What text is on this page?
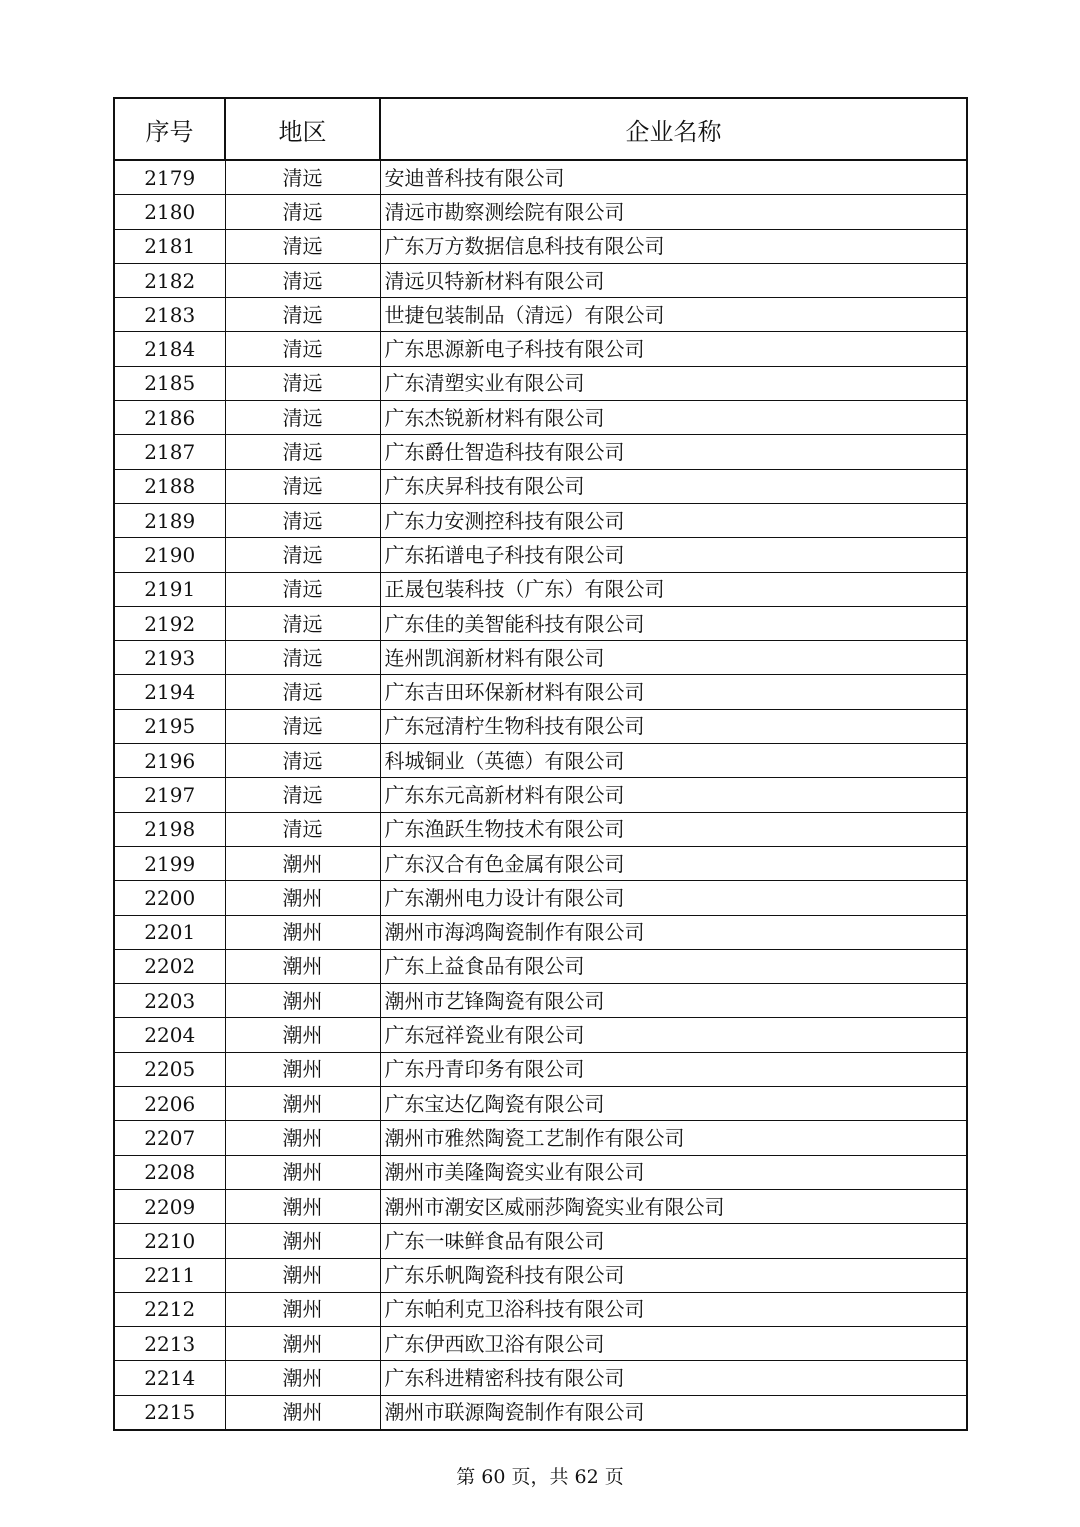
序号	地区	企业名称
2179	清远	安迪普科技有限公司
2180	清远	清远市勘察测绘院有限公司
2181	清远	广东万方数据信息科技有限公司
2182	清远	清远贝特新材料有限公司
2183	清远	世捷包装制品（清远）有限公司
2184	清远	广东思源新电子科技有限公司
2185	清远	广东清塑实业有限公司
2186	清远	广东杰锐新材料有限公司
2187	清远	广东爵仕智造科技有限公司
2188	清远	广东庆昇科技有限公司
2189	清远	广东力安测控科技有限公司
2190	清远	广东拓谱电子科技有限公司
2191	清远	正晟包装科技（广东）有限公司
2192	清远	广东佳的美智能科技有限公司
2193	清远	连州凯润新材料有限公司
2194	清远	广东吉田环保新材料有限公司
2195	清远	广东冠清柠生物科技有限公司
2196	清远	科城铜业（英德）有限公司
2197	清远	广东东元高新材料有限公司
2198	清远	广东渔跃生物技术有限公司
2199	潮州	广东汉合有色金属有限公司
2200	潮州	广东潮州电力设计有限公司
2201	潮州	潮州市海鸿陶瓷制作有限公司
2202	潮州	广东上益食品有限公司
2203	潮州	潮州市艺锋陶瓷有限公司
2204	潮州	广东冠祥瓷业有限公司
2205	潮州	广东丹青印务有限公司
2206	潮州	广东宝达亿陶瓷有限公司
2207	潮州	潮州市雅然陶瓷工艺制作有限公司
2208	潮州	潮州市美隆陶瓷实业有限公司
2209	潮州	潮州市潮安区威丽莎陶瓷实业有限公司
2210	潮州	广东一味鲜食品有限公司
2211	潮州	广东乐帆陶瓷科技有限公司
2212	潮州	广东帕利克卫浴科技有限公司
2213	潮州	广东伊西欧卫浴有限公司
2214	潮州	广东科进精密科技有限公司
2215	潮州	潮州市联源陶瓷制作有限公司
第 60 页，共 62 页
